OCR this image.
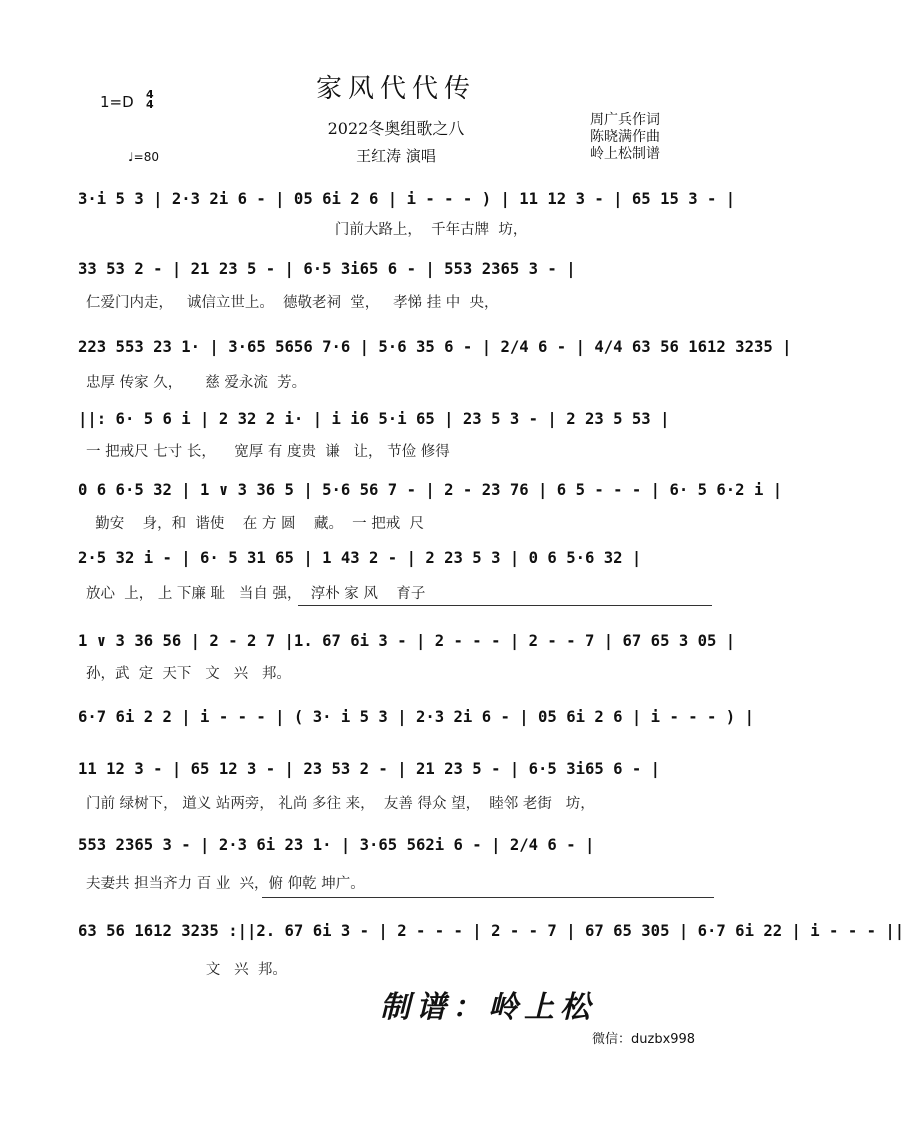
家风代代传
1=D 4
4
♩=80
2022冬奥组歌之八
王红涛 演唱
周广兵作词
陈晓满作曲
岭上松制谱
3·i 5 3 | 2·3 2i 6 - | 05 6i 2 6 | i - - - ) | 11 12 3 - | 65 15 3 - |
门前大路上，  千年古牌  坊，
33 53 2 - | 21 23 5 - | 6·5 3i65 6 - | 553 2365 3 - |
仁爱门内走，   诚信立世上。  德敬老祠  堂，   孝悌 挂 中  央，
223 553 23 1· | 3·65 5656 7·6 | 5·6 35 6 - | 2/4 6 - | 4/4 63 56 1612 3235 |
忠厚 传家 久，     慈 爱永流  芳。
||: 6· 5 6 i | 2 32 2 i· | i i6 5·i 65 | 23 5 3 - | 2 23 5 53 |
一 把戒尺 七寸 长，    宽厚 有 度贵  谦   让， 节俭 修得
0 6 6·5 32 | 1 ∨ 3 36 5 | 5·6 56 7 - | 2 - 23 76 | 6 5 - - - | 6· 5 6·2 i |
勤安    身，和  谐使    在 方 圆    藏。  一 把戒  尺
2·5 32 i - | 6· 5 31 65 | 1 43 2 - | 2 23 5 3 | 0 6 5·6 32 |
放心  上， 上 下廉 耻   当自 强，  淳朴 家 风    育子
1 ∨ 3 36 56 | 2 - 2 7 |1. 67 6i 3 - | 2 - - - | 2 - - 7 | 67 65 3 05 |
孙，武  定  天下   文   兴   邦。
6·7 6i 2 2 | i - - - | ( 3· i 5 3 | 2·3 2i 6 - | 05 6i 2 6 | i - - - ) |
11 12 3 - | 65 12 3 - | 23 53 2 - | 21 23 5 - | 6·5 3i65 6 - |
门前 绿树下， 道义 站两旁， 礼尚 多往 来，  友善 得众 望，  睦邻 老街   坊，
553 2365 3 - | 2·3 6i 23 1· | 3·65 562i 6 - | 2/4 6 - |
夫妻共 担当齐力 百 业  兴，俯 仰乾 坤广。
63 56 1612 3235 :||2. 67 6i 3 - | 2 - - - | 2 - - 7 | 67 65 305 | 6·7 6i 22 | i - - - ||
文   兴  邦。
制谱：岭上松
微信：duzbx998
